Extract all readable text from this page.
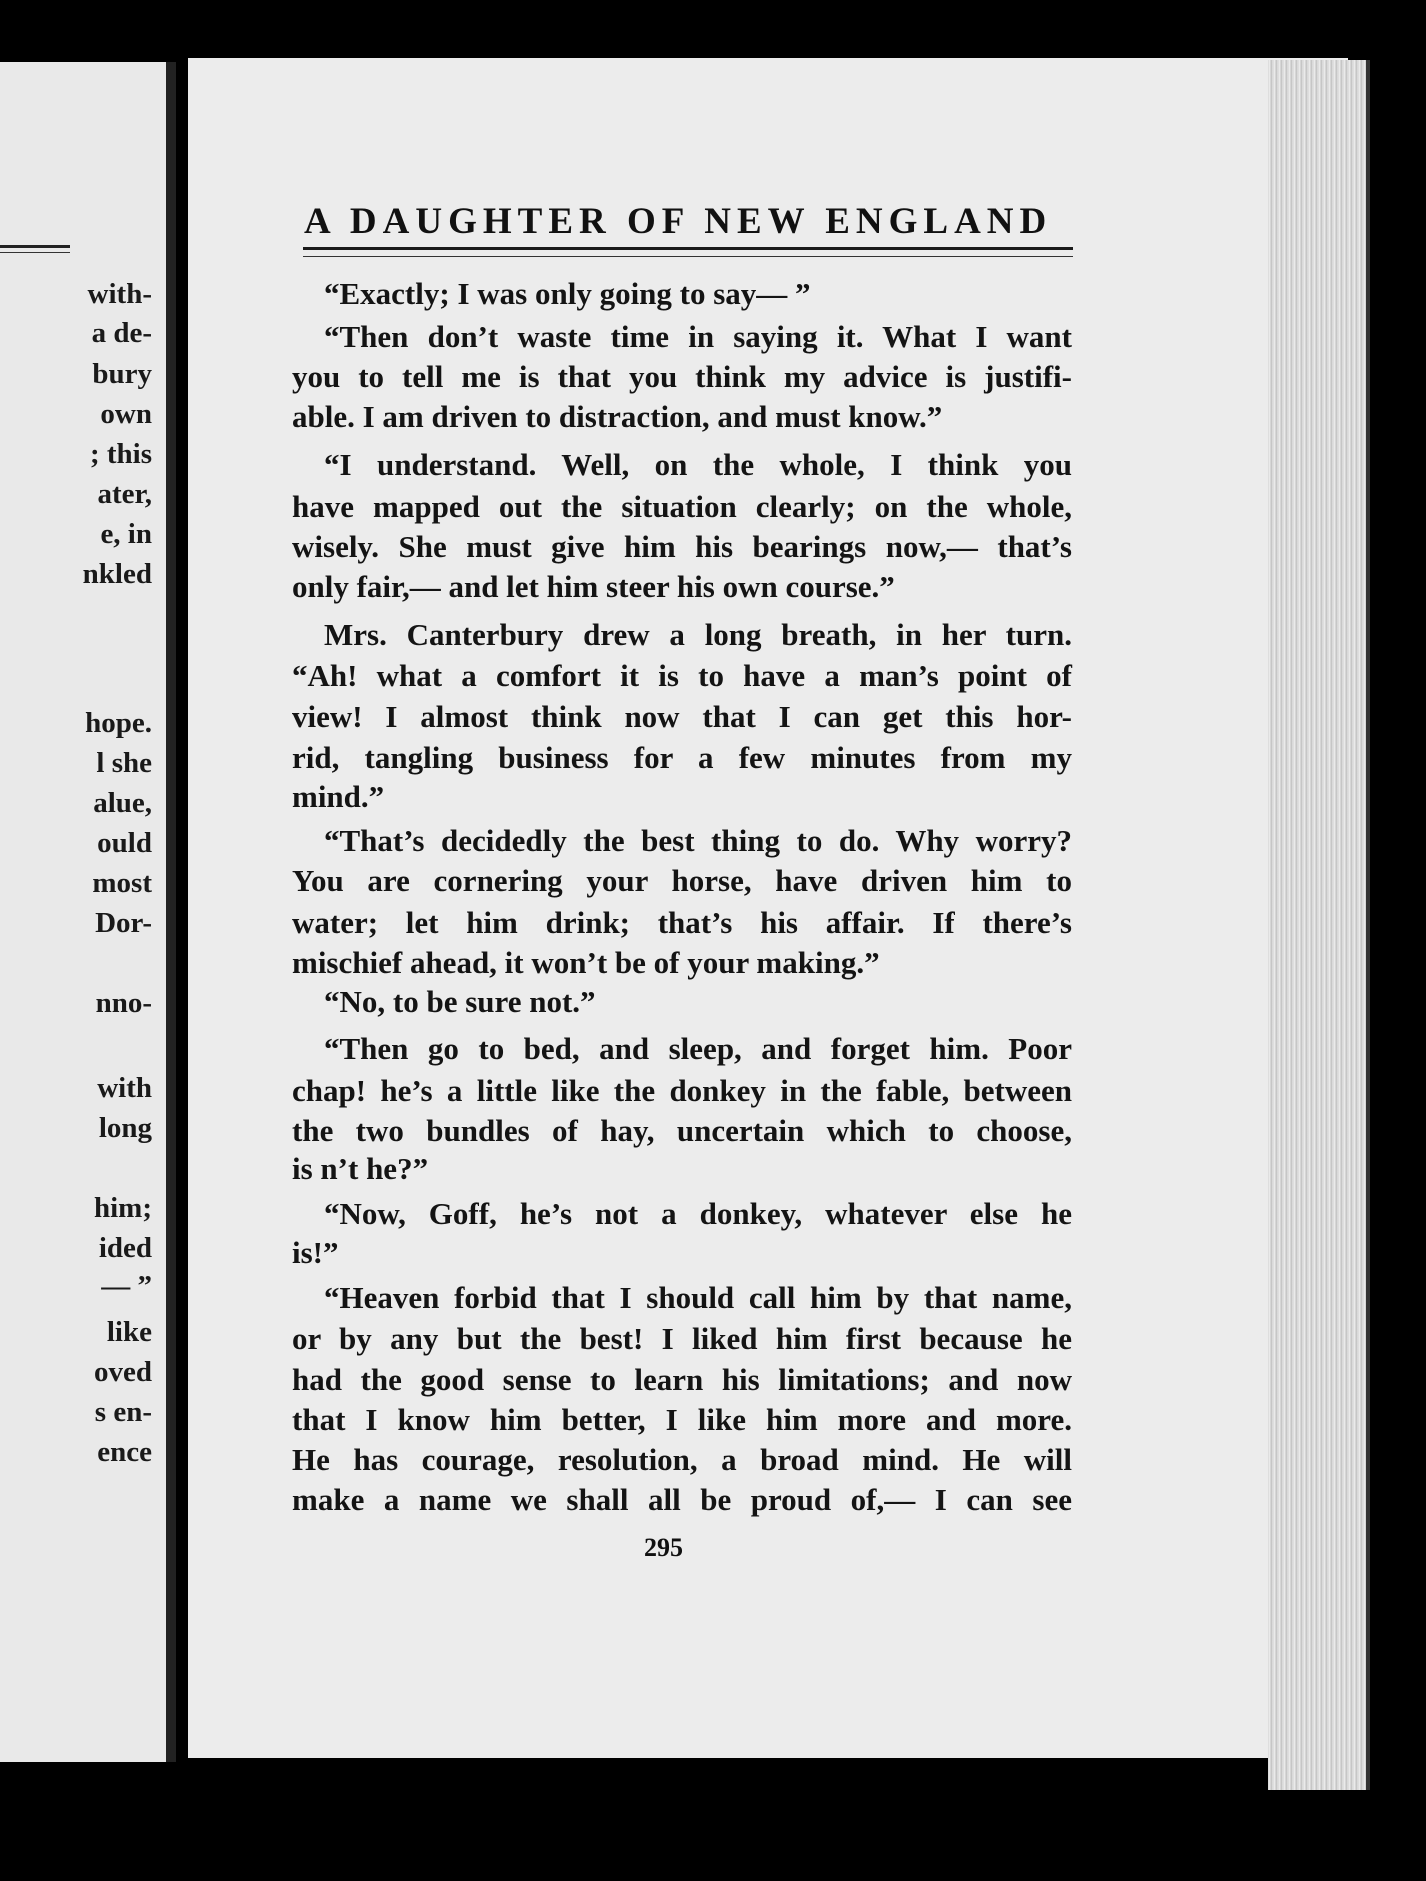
with-
a de-
bury
own
; this
ater,
e, in
nkled
hope.
l she
alue,
ould
most
Dor-
nno-
with
long
him;
ided
— ”
like
oved
s en-
ence
A DAUGHTER OF NEW ENGLAND
“Exactly; I was only going to say— ”
“Then don’t waste time in saying it. What I want
you to tell me is that you think my advice is justifi-
able. I am driven to distraction, and must know.”
“I understand. Well, on the whole, I think you
have mapped out the situation clearly; on the whole,
wisely. She must give him his bearings now,— that’s
only fair,— and let him steer his own course.”
Mrs. Canterbury drew a long breath, in her turn.
“Ah! what a comfort it is to have a man’s point of
view! I almost think now that I can get this hor-
rid, tangling business for a few minutes from my
mind.”
“That’s decidedly the best thing to do. Why worry?
You are cornering your horse, have driven him to
water; let him drink; that’s his affair. If there’s
mischief ahead, it won’t be of your making.”
“No, to be sure not.”
“Then go to bed, and sleep, and forget him. Poor
chap! he’s a little like the donkey in the fable, between
the two bundles of hay, uncertain which to choose,
is n’t he?”
“Now, Goff, he’s not a donkey, whatever else he
is!”
“Heaven forbid that I should call him by that name,
or by any but the best! I liked him first because he
had the good sense to learn his limitations; and now
that I know him better, I like him more and more.
He has courage, resolution, a broad mind. He will
make a name we shall all be proud of,— I can see
295
